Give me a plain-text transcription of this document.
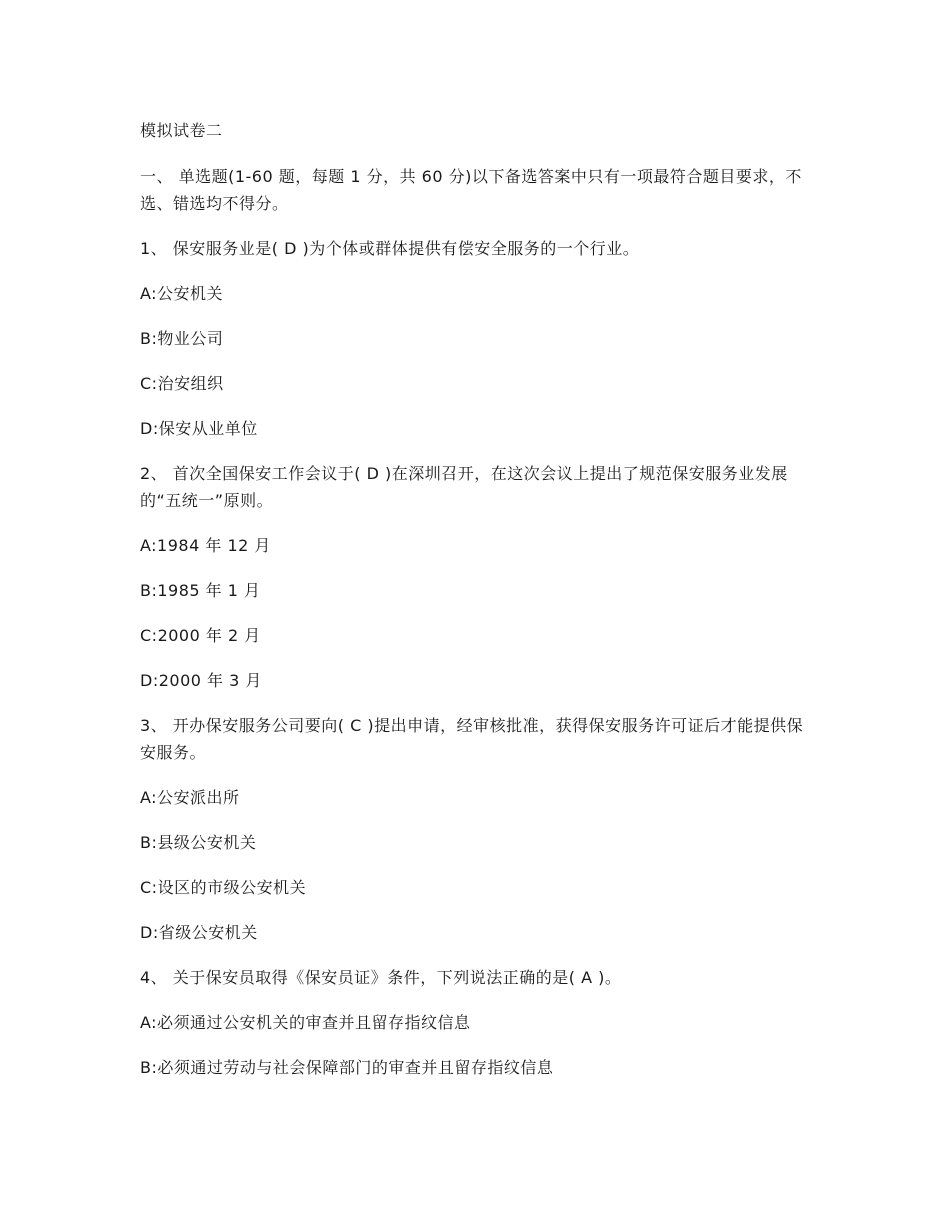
模拟试卷二

一、 单选题(1-60 题，每题 1 分，共 60 分)以下备选答案中只有一项最符合题目要求，不选、错选均不得分。

1、 保安服务业是( D )为个体或群体提供有偿安全服务的一个行业。

A:公安机关

B:物业公司

C:治安组织

D:保安从业单位

2、 首次全国保安工作会议于( D )在深圳召开，在这次会议上提出了规范保安服务业发展的“五统一”原则。

A:1984 年 12 月

B:1985 年 1 月

C:2000 年 2 月

D:2000 年 3 月

3、 开办保安服务公司要向( C )提出申请，经审核批准，获得保安服务许可证后才能提供保安服务。

A:公安派出所

B:县级公安机关

C:设区的市级公安机关

D:省级公安机关

4、 关于保安员取得《保安员证》条件，下列说法正确的是( A )。

A:必须通过公安机关的审查并且留存指纹信息

B:必须通过劳动与社会保障部门的审查并且留存指纹信息
